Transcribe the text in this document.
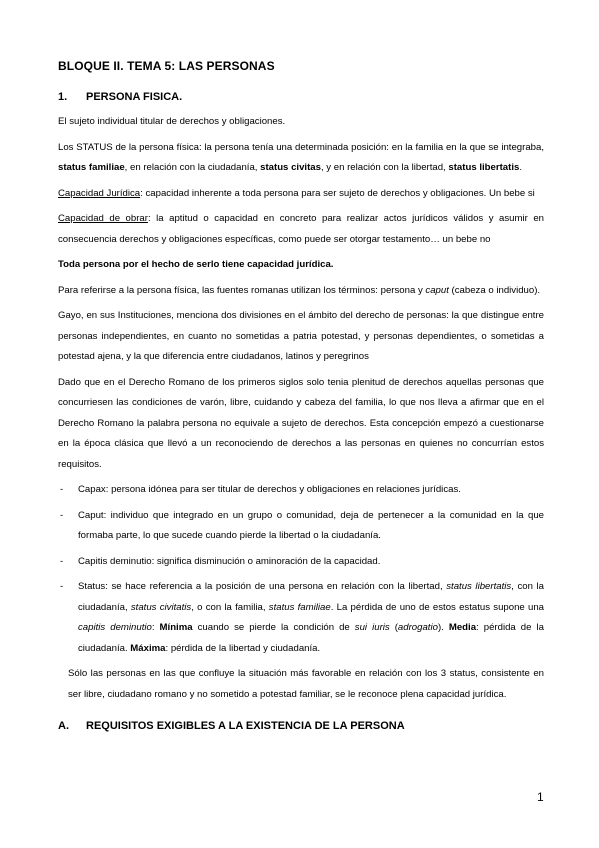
BLOQUE II. TEMA 5: LAS PERSONAS
1. PERSONA FISICA.

El sujeto individual titular de derechos y obligaciones.

Los STATUS de la persona física: la persona tenía una determinada posición: en la familia en la que se integraba, status familiae, en relación con la ciudadanía, status civitas, y en relación con la libertad, status libertatis.

Capacidad Jurídica: capacidad inherente a toda persona para ser sujeto de derechos y obligaciones. Un bebe si

Capacidad de obrar: la aptitud o capacidad en concreto para realizar actos jurídicos válidos y asumir en consecuencia derechos y obligaciones específicas, como puede ser otorgar testamento… un bebe no

Toda persona por el hecho de serlo tiene capacidad jurídica.

Para referirse a la persona física, las fuentes romanas utilizan los términos: persona y caput (cabeza o individuo).

Gayo, en sus Instituciones, menciona dos divisiones en el ámbito del derecho de personas: la que distingue entre personas independientes, en cuanto no sometidas a patria potestad, y personas dependientes, o sometidas a potestad ajena, y la que diferencia entre ciudadanos, latinos y peregrinos

Dado que en el Derecho Romano de los primeros siglos solo tenia plenitud de derechos aquellas personas que concurriesen las condiciones de varón, libre, cuidando y cabeza del familia, lo que nos lleva a afirmar que en el Derecho Romano la palabra persona no equivale a sujeto de derechos. Esta concepción empezó a cuestionarse en la época clásica que llevó a un reconociendo de derechos a las personas en quienes no concurrían estos requisitos.

- Capax: persona idónea para ser titular de derechos y obligaciones en relaciones jurídicas.
- Caput: individuo que integrado en un grupo o comunidad, deja de pertenecer a la comunidad en la que formaba parte, lo que sucede cuando pierde la libertad o la ciudadanía.
- Capitis deminutio: significa disminución o aminoración de la capacidad.
- Status: se hace referencia a la posición de una persona en relación con la libertad, status libertatis, con la ciudadanía, status civitatis, o con la familia, status familiae. La pérdida de uno de estos estatus supone una capitis deminutio: Mínima cuando se pierde la condición de sui iuris (adrogatio). Media: pérdida de la ciudadanía. Máxima: pérdida de la libertad y ciudadanía.

Sólo las personas en las que confluye la situación más favorable en relación con los 3 status, consistente en ser libre, ciudadano romano y no sometido a potestad familiar, se le reconoce plena capacidad jurídica.

A. REQUISITOS EXIGIBLES A LA EXISTENCIA DE LA PERSONA
1
